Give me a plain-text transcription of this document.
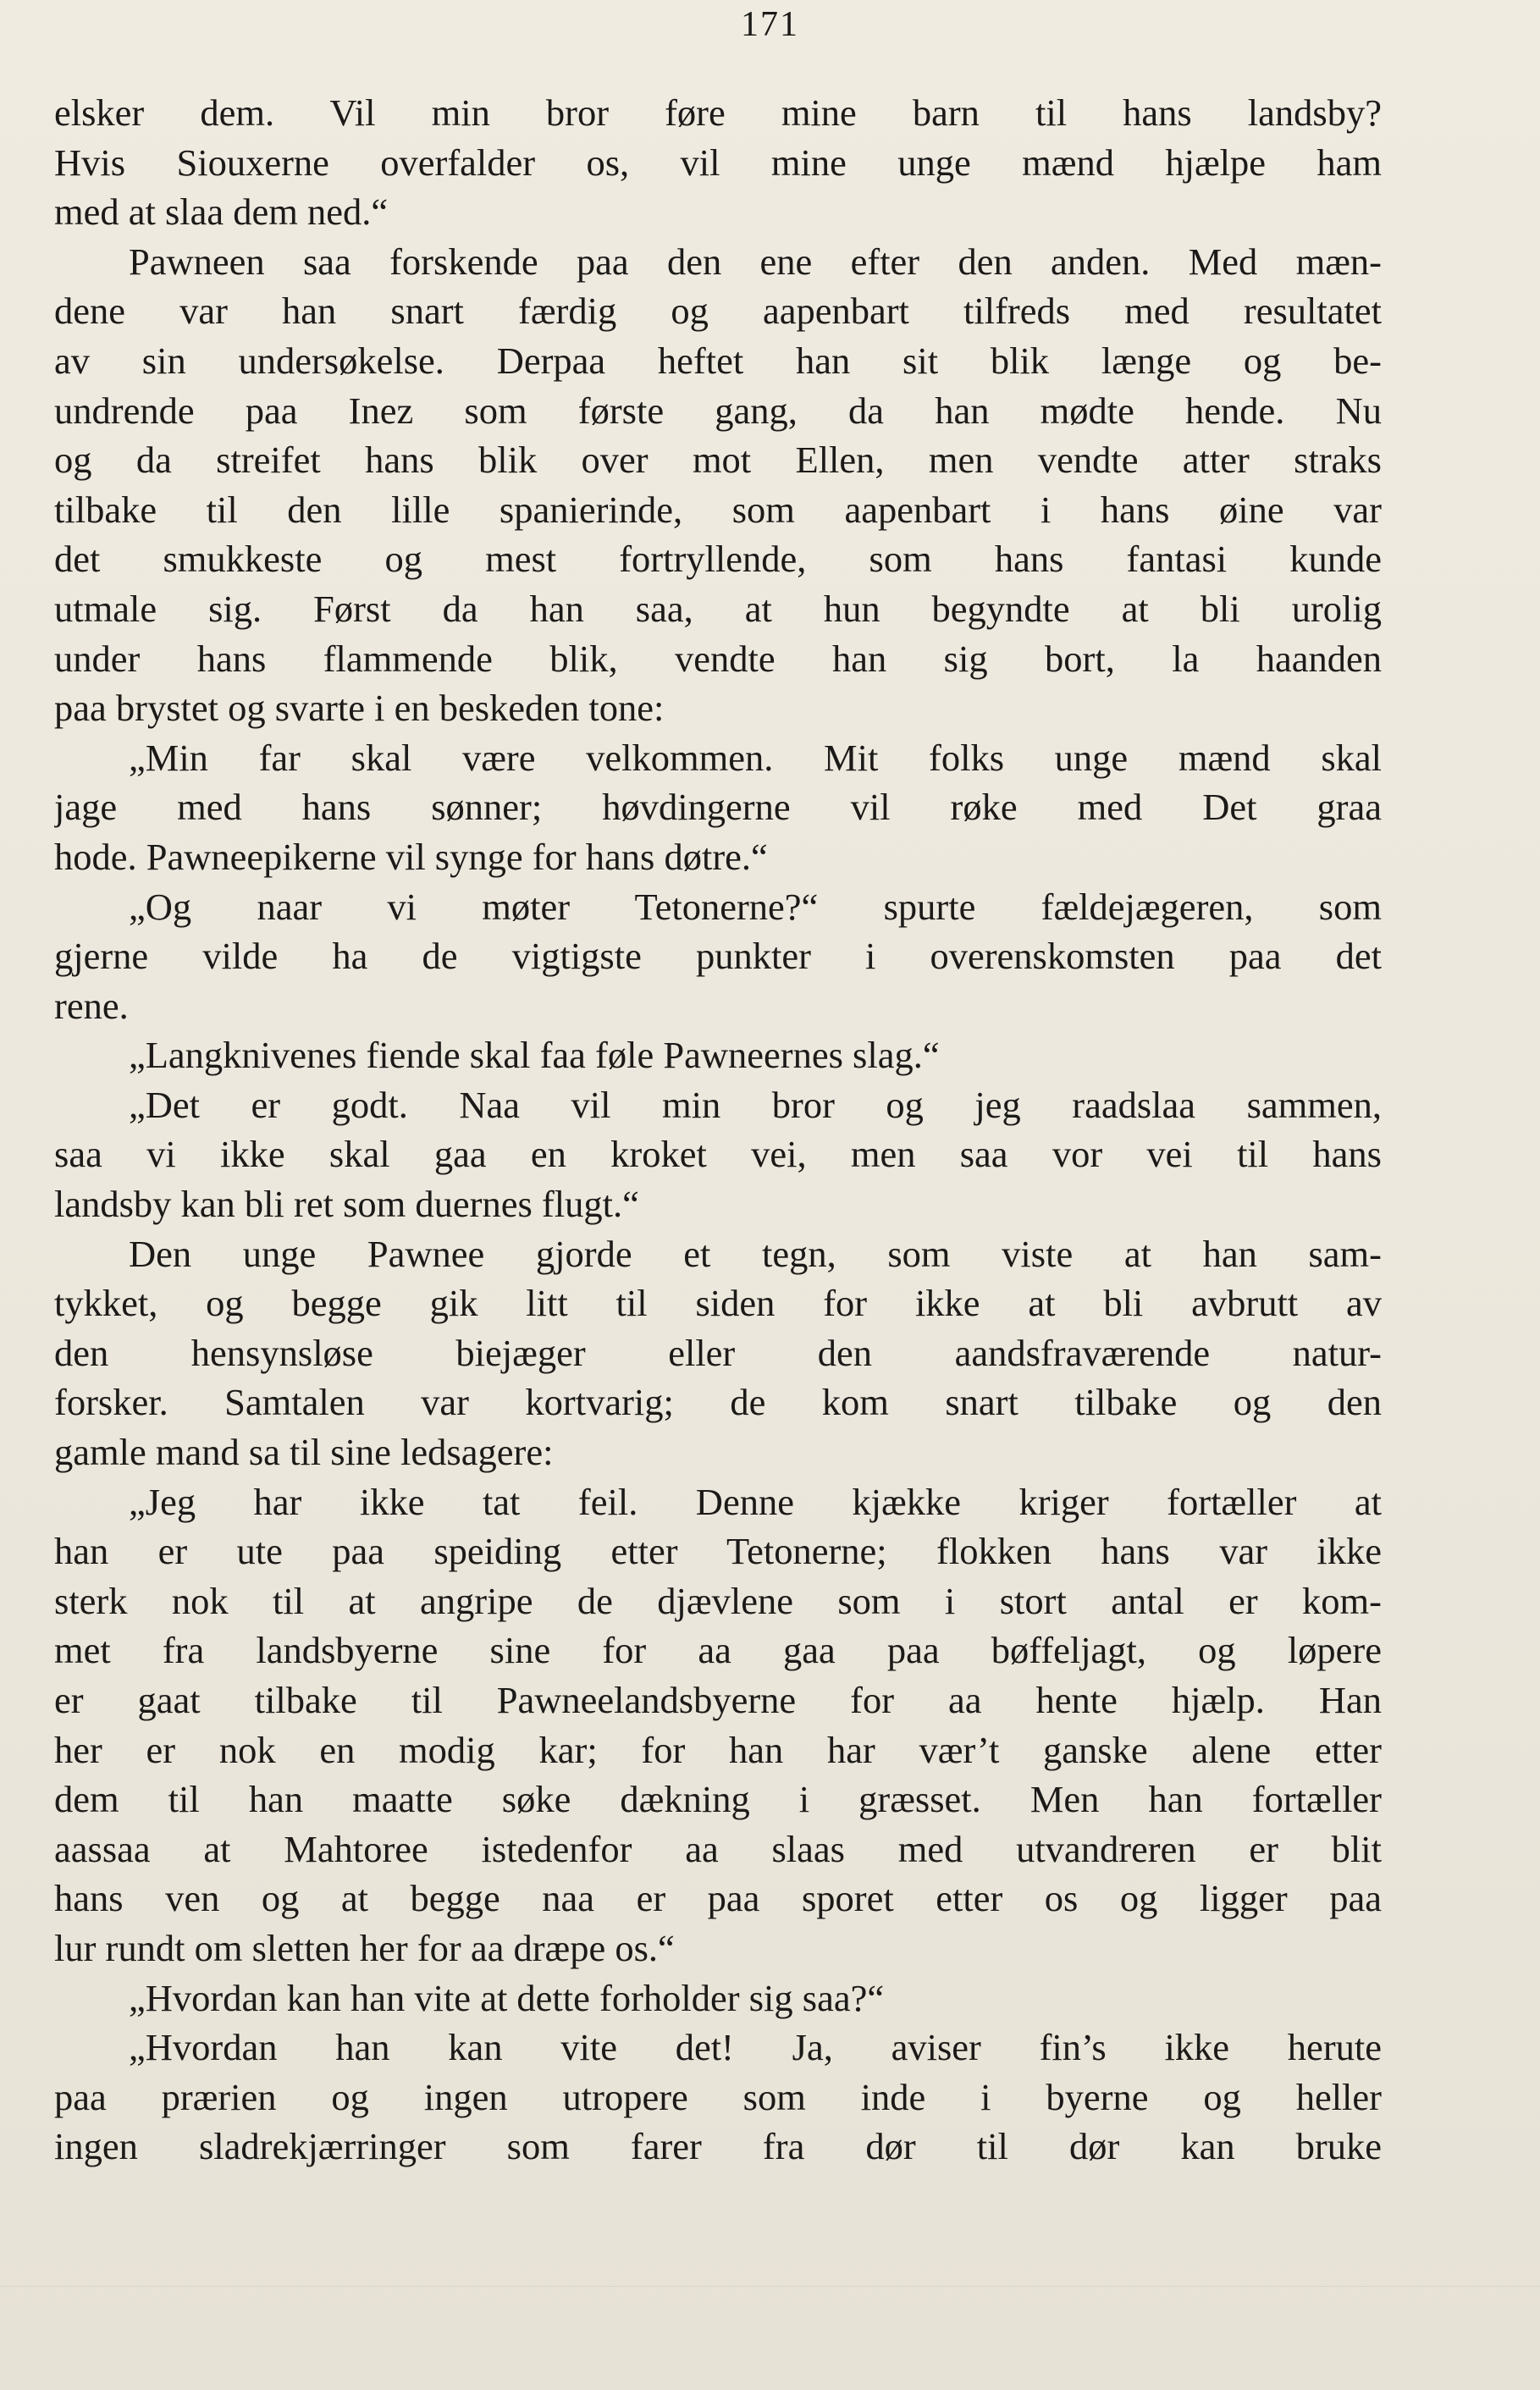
171
elsker dem. Vil min bror føre mine barn til hans landsby?
Hvis Siouxerne overfalder os, vil mine unge mænd hjælpe ham
med at slaa dem ned.“
Pawneen saa forskende paa den ene efter den anden. Med mæn-
dene var han snart færdig og aapenbart tilfreds med resultatet
av sin undersøkelse. Derpaa heftet han sit blik længe og be-
undrende paa Inez som første gang, da han mødte hende. Nu
og da streifet hans blik over mot Ellen, men vendte atter straks
tilbake til den lille spanierinde, som aapenbart i hans øine var
det smukkeste og mest fortryllende, som hans fantasi kunde
utmale sig. Først da han saa, at hun begyndte at bli urolig
under hans flammende blik, vendte han sig bort, la haanden
paa brystet og svarte i en beskeden tone:
„Min far skal være velkommen. Mit folks unge mænd skal
jage med hans sønner; høvdingerne vil røke med Det graa
hode. Pawneepikerne vil synge for hans døtre.“
„Og naar vi møter Tetonerne?“ spurte fældejægeren, som
gjerne vilde ha de vigtigste punkter i overenskomsten paa det
rene.
„Langknivenes fiende skal faa føle Pawneernes slag.“
„Det er godt. Naa vil min bror og jeg raadslaa sammen,
saa vi ikke skal gaa en kroket vei, men saa vor vei til hans
landsby kan bli ret som duernes flugt.“
Den unge Pawnee gjorde et tegn, som viste at han sam-
tykket, og begge gik litt til siden for ikke at bli avbrutt av
den hensynsløse biejæger eller den aandsfraværende natur-
forsker. Samtalen var kortvarig; de kom snart tilbake og den
gamle mand sa til sine ledsagere:
„Jeg har ikke tat feil. Denne kjække kriger fortæller at
han er ute paa speiding etter Tetonerne; flokken hans var ikke
sterk nok til at angripe de djævlene som i stort antal er kom-
met fra landsbyerne sine for aa gaa paa bøffeljagt, og løpere
er gaat tilbake til Pawneelandsbyerne for aa hente hjælp. Han
her er nok en modig kar; for han har vær’t ganske alene etter
dem til han maatte søke dækning i græsset. Men han fortæller
aassaa at Mahtoree istedenfor aa slaas med utvandreren er blit
hans ven og at begge naa er paa sporet etter os og ligger paa
lur rundt om sletten her for aa dræpe os.“
„Hvordan kan han vite at dette forholder sig saa?“
„Hvordan han kan vite det! Ja, aviser fin’s ikke herute
paa prærien og ingen utropere som inde i byerne og heller
ingen sladrekjærringer som farer fra dør til dør kan bruke
